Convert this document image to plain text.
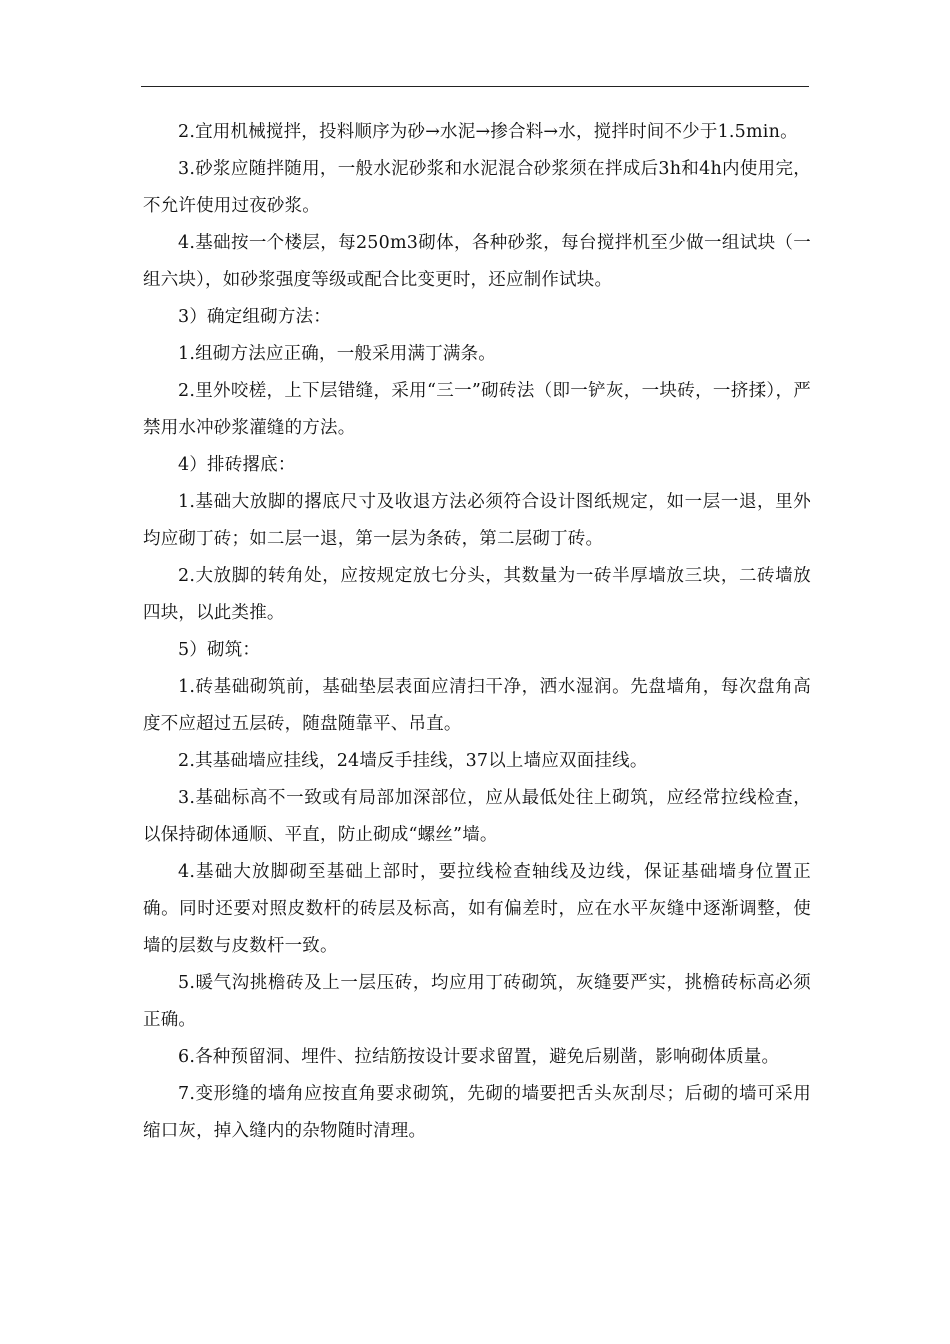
2.宜用机械搅拌，投料顺序为砂→水泥→掺合料→水，搅拌时间不少于1.5min。

3.砂浆应随拌随用，一般水泥砂浆和水泥混合砂浆须在拌成后3h和4h内使用完，不允许使用过夜砂浆。

4.基础按一个楼层，每250m3砌体，各种砂浆，每台搅拌机至少做一组试块（一组六块），如砂浆强度等级或配合比变更时，还应制作试块。

3）确定组砌方法：

1.组砌方法应正确，一般采用满丁满条。

2.里外咬槎，上下层错缝，采用“三一”砌砖法（即一铲灰，一块砖，一挤揉），严禁用水冲砂浆灌缝的方法。

4）排砖撂底：

1.基础大放脚的撂底尺寸及收退方法必须符合设计图纸规定，如一层一退，里外均应砌丁砖；如二层一退，第一层为条砖，第二层砌丁砖。

2.大放脚的转角处，应按规定放七分头，其数量为一砖半厚墙放三块，二砖墙放四块，以此类推。

5）砌筑：

1.砖基础砌筑前，基础垫层表面应清扫干净，洒水湿润。先盘墙角，每次盘角高度不应超过五层砖，随盘随靠平、吊直。

2.其基础墙应挂线，24墙反手挂线，37以上墙应双面挂线。

3.基础标高不一致或有局部加深部位，应从最低处往上砌筑，应经常拉线检查，以保持砌体通顺、平直，防止砌成“螺丝”墙。

4.基础大放脚砌至基础上部时，要拉线检查轴线及边线，保证基础墙身位置正确。同时还要对照皮数杆的砖层及标高，如有偏差时，应在水平灰缝中逐渐调整，使墙的层数与皮数杆一致。

5.暖气沟挑檐砖及上一层压砖，均应用丁砖砌筑，灰缝要严实，挑檐砖标高必须正确。

6.各种预留洞、埋件、拉结筋按设计要求留置，避免后剔凿，影响砌体质量。

7.变形缝的墙角应按直角要求砌筑，先砌的墙要把舌头灰刮尽；后砌的墙可采用缩口灰，掉入缝内的杂物随时清理。
